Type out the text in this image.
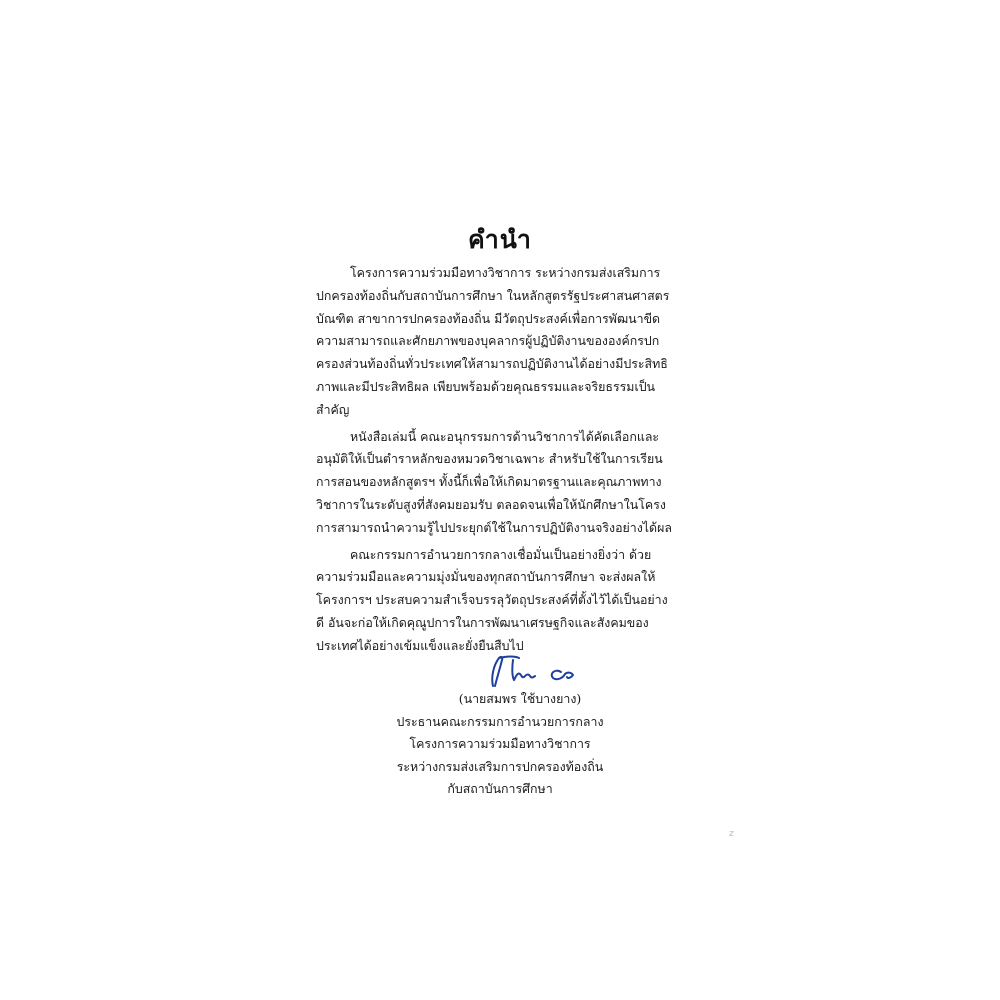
คำนำ

โครงการความร่วมมือทางวิชาการ ระหว่างกรมส่งเสริมการ
ปกครองท้องถิ่นกับสถาบันการศึกษา ในหลักสูตรรัฐประศาสนศาสตร
บัณฑิต สาขาการปกครองท้องถิ่น มีวัตถุประสงค์เพื่อการพัฒนาขีด
ความสามารถและศักยภาพของบุคลากรผู้ปฏิบัติงานขององค์กรปก
ครองส่วนท้องถิ่นทั่วประเทศให้สามารถปฏิบัติงานได้อย่างมีประสิทธิ
ภาพและมีประสิทธิผล เพียบพร้อมด้วยคุณธรรมและจริยธรรมเป็น
สำคัญ

หนังสือเล่มนี้ คณะอนุกรรมการด้านวิชาการได้คัดเลือกและ
อนุมัติให้เป็นตำราหลักของหมวดวิชาเฉพาะ สำหรับใช้ในการเรียน
การสอนของหลักสูตรฯ ทั้งนี้ก็เพื่อให้เกิดมาตรฐานและคุณภาพทาง
วิชาการในระดับสูงที่สังคมยอมรับ ตลอดจนเพื่อให้นักศึกษาในโครง
การสามารถนำความรู้ไปประยุกต์ใช้ในการปฏิบัติงานจริงอย่างได้ผล

คณะกรรมการอำนวยการกลางเชื่อมั่นเป็นอย่างยิ่งว่า ด้วย
ความร่วมมือและความมุ่งมั่นของทุกสถาบันการศึกษา จะส่งผลให้
โครงการฯ ประสบความสำเร็จบรรลุวัตถุประสงค์ที่ตั้งไว้ได้เป็นอย่าง
ดี อันจะก่อให้เกิดคุณูปการในการพัฒนาเศรษฐกิจและสังคมของ
ประเทศได้อย่างเข้มแข็งและยั่งยืนสืบไป

(นายสมพร ใช้บางยาง)
ประธานคณะกรรมการอำนวยการกลาง
โครงการความร่วมมือทางวิชาการ
ระหว่างกรมส่งเสริมการปกครองท้องถิ่น
กับสถาบันการศึกษา
z
